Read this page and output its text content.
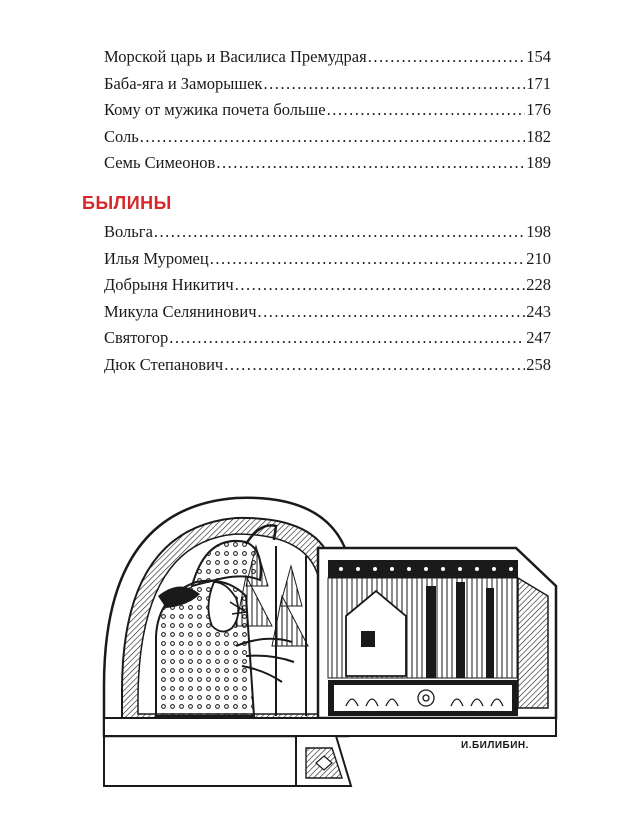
Морской царь и Василиса Премудрая .....	154
Баба-яга и Заморышек .....	171
Кому от мужика почета больше .....	176
Соль .....	182
Семь Симеонов .....	189
БЫЛИНЫ
Вольга .....	198
Илья Муромец .....	210
Добрыня Никитич .....	228
Микула Селянинович .....	243
Святогор .....	247
Дюк Степанович .....	258
И.БИЛИБИН.
